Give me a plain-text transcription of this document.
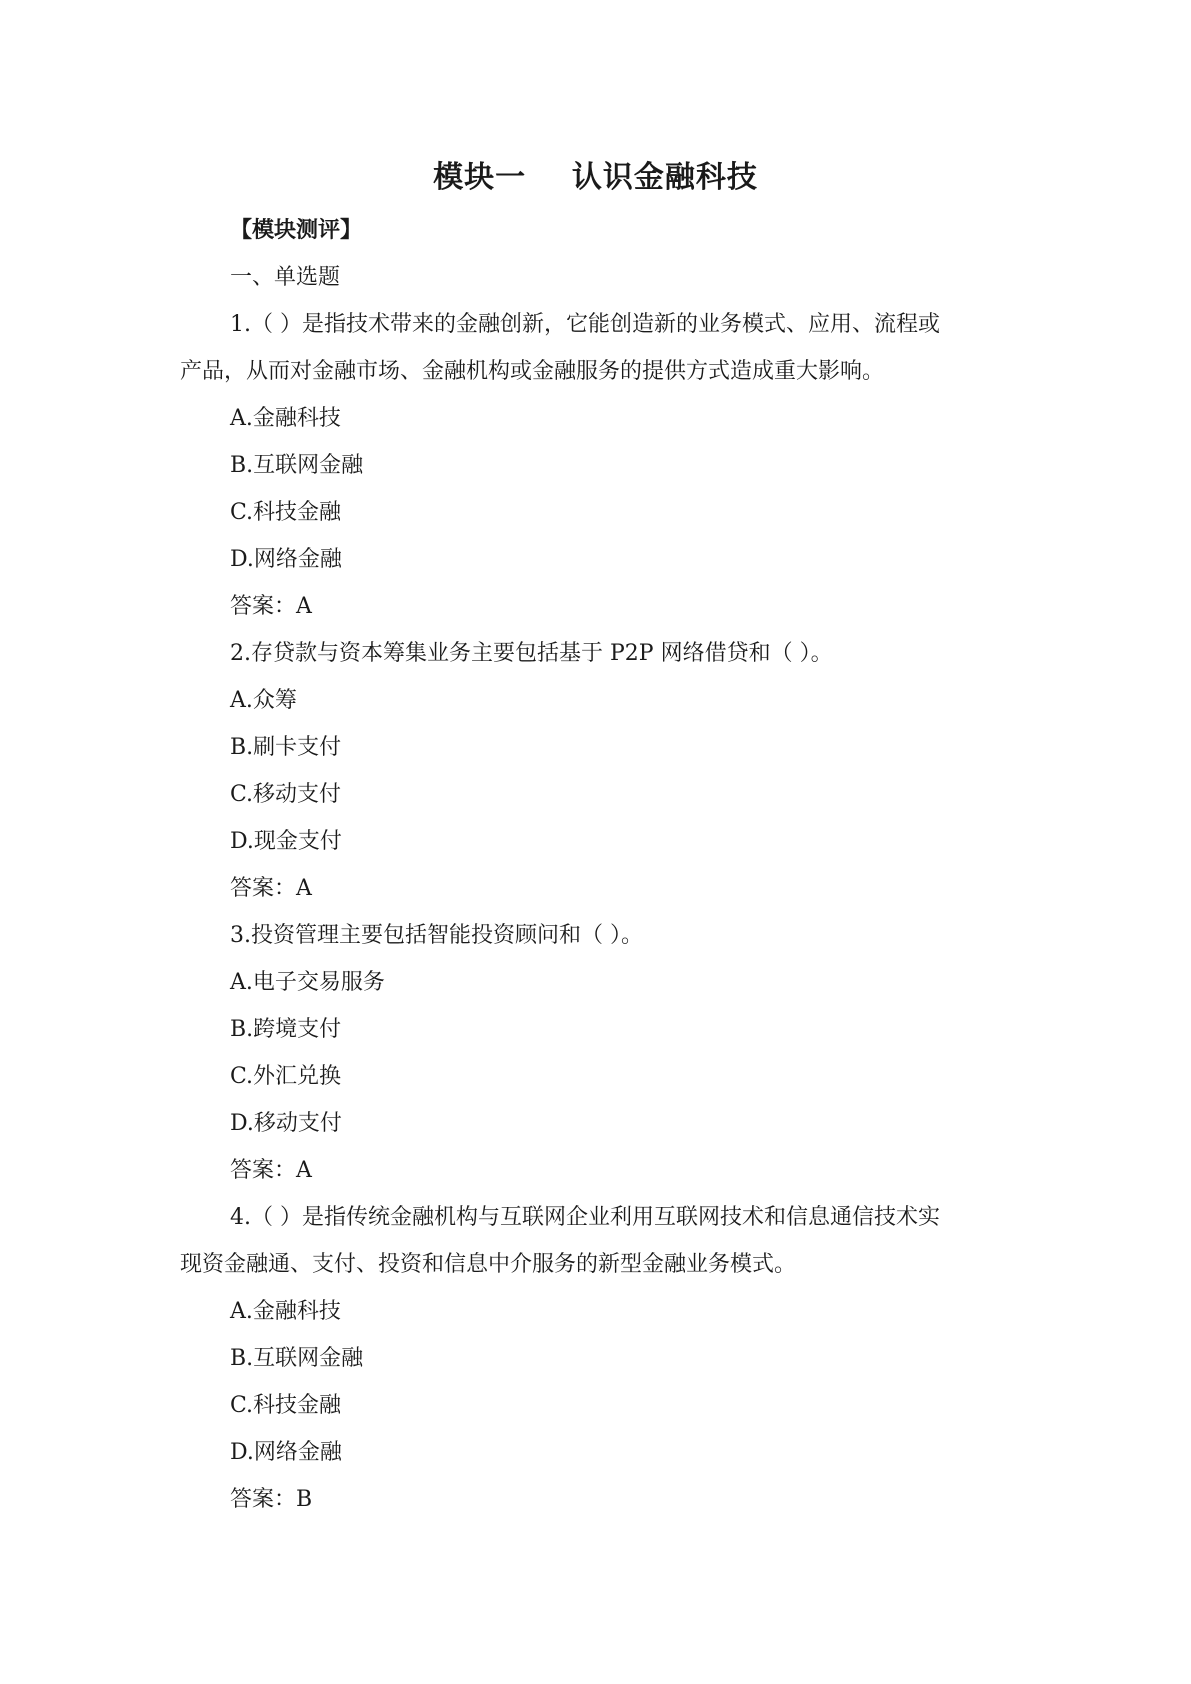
模块一    认识金融科技
【模块测评】
一、单选题
1.（ ）是指技术带来的金融创新，它能创造新的业务模式、应用、流程或
产品，从而对金融市场、金融机构或金融服务的提供方式造成重大影响。
A.金融科技
B.互联网金融
C.科技金融
D.网络金融
答案：A
2.存贷款与资本筹集业务主要包括基于 P2P 网络借贷和（ ）。
A.众筹
B.刷卡支付
C.移动支付
D.现金支付
答案：A
3.投资管理主要包括智能投资顾问和（ ）。
A.电子交易服务
B.跨境支付
C.外汇兑换
D.移动支付
答案：A
4.（ ）是指传统金融机构与互联网企业利用互联网技术和信息通信技术实
现资金融通、支付、投资和信息中介服务的新型金融业务模式。
A.金融科技
B.互联网金融
C.科技金融
D.网络金融
答案：B
